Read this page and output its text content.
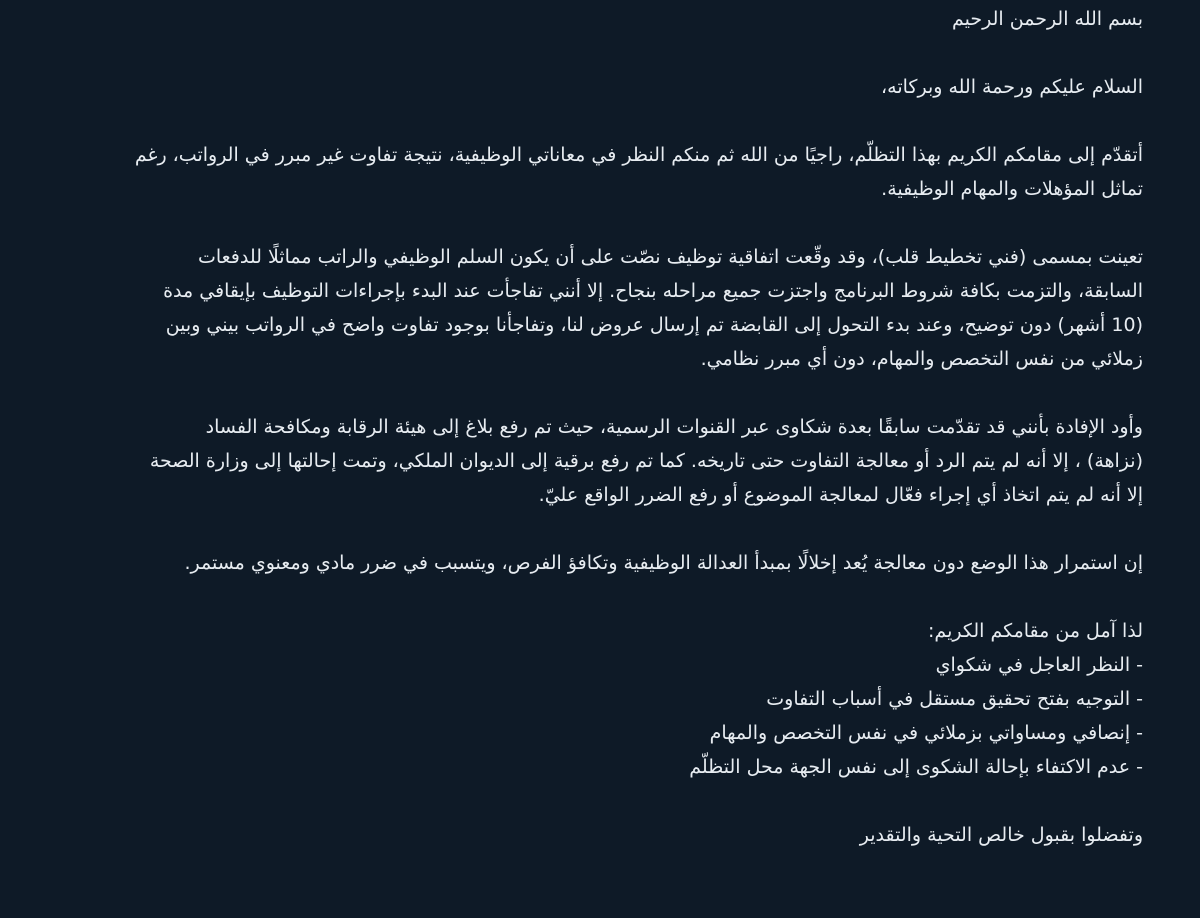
بسم الله الرحمن الرحيم

السلام عليكم ورحمة الله وبركاته،

أتقدّم إلى مقامكم الكريم بهذا التظلّم، راجيًا من الله ثم منكم النظر في معاناتي الوظيفية، نتيجة تفاوت غير مبرر في الرواتب، رغم
تماثل المؤهلات والمهام الوظيفية.

تعينت بمسمى (فني تخطيط قلب)، وقد وقّعت اتفاقية توظيف نصّت على أن يكون السلم الوظيفي والراتب مماثلًا للدفعات
السابقة، والتزمت بكافة شروط البرنامج واجتزت جميع مراحله بنجاح. إلا أنني تفاجأت عند البدء بإجراءات التوظيف بإيقافي مدة
(10 أشهر) دون توضيح، وعند بدء التحول إلى القابضة تم إرسال عروض لنا، وتفاجأنا بوجود تفاوت واضح في الرواتب بيني وبين
زملائي من نفس التخصص والمهام، دون أي مبرر نظامي.

وأود الإفادة بأنني قد تقدّمت سابقًا بعدة شكاوى عبر القنوات الرسمية، حيث تم رفع بلاغ إلى هيئة الرقابة ومكافحة الفساد
(نزاهة) ، إلا أنه لم يتم الرد أو معالجة التفاوت حتى تاريخه. كما تم رفع برقية إلى الديوان الملكي، وتمت إحالتها إلى وزارة الصحة
إلا أنه لم يتم اتخاذ أي إجراء فعّال لمعالجة الموضوع أو رفع الضرر الواقع عليّ.

إن استمرار هذا الوضع دون معالجة يُعد إخلالًا بمبدأ العدالة الوظيفية وتكافؤ الفرص، ويتسبب في ضرر مادي ومعنوي مستمر.

لذا آمل من مقامكم الكريم:
- النظر العاجل في شكواي
- التوجيه بفتح تحقيق مستقل في أسباب التفاوت
- إنصافي ومساواتي بزملائي في نفس التخصص والمهام
- عدم الاكتفاء بإحالة الشكوى إلى نفس الجهة محل التظلّم

وتفضلوا بقبول خالص التحية والتقدير
